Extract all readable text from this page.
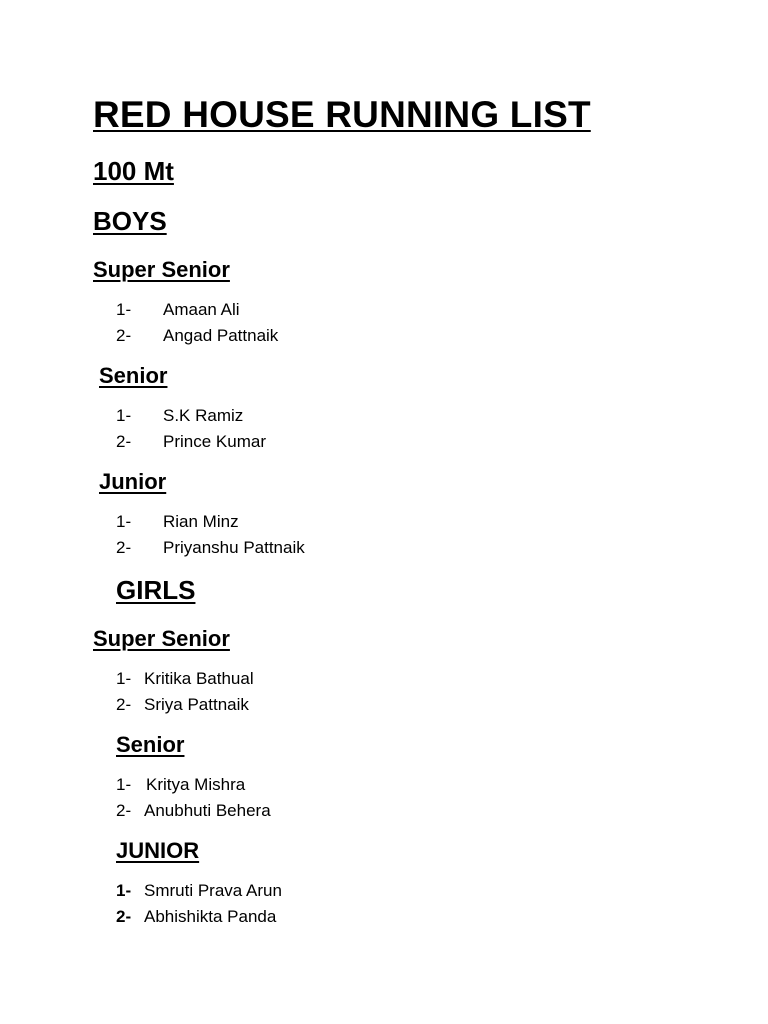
RED HOUSE RUNNING LIST
100 Mt
BOYS
Super Senior
1- Amaan Ali
2- Angad Pattnaik
Senior
1- S.K Ramiz
2- Prince Kumar
Junior
1- Rian Minz
2- Priyanshu Pattnaik
GIRLS
Super Senior
1- Kritika Bathual
2- Sriya Pattnaik
Senior
1- Kritya Mishra
2- Anubhuti Behera
JUNIOR
1- Smruti Prava Arun
2- Abhishikta Panda
